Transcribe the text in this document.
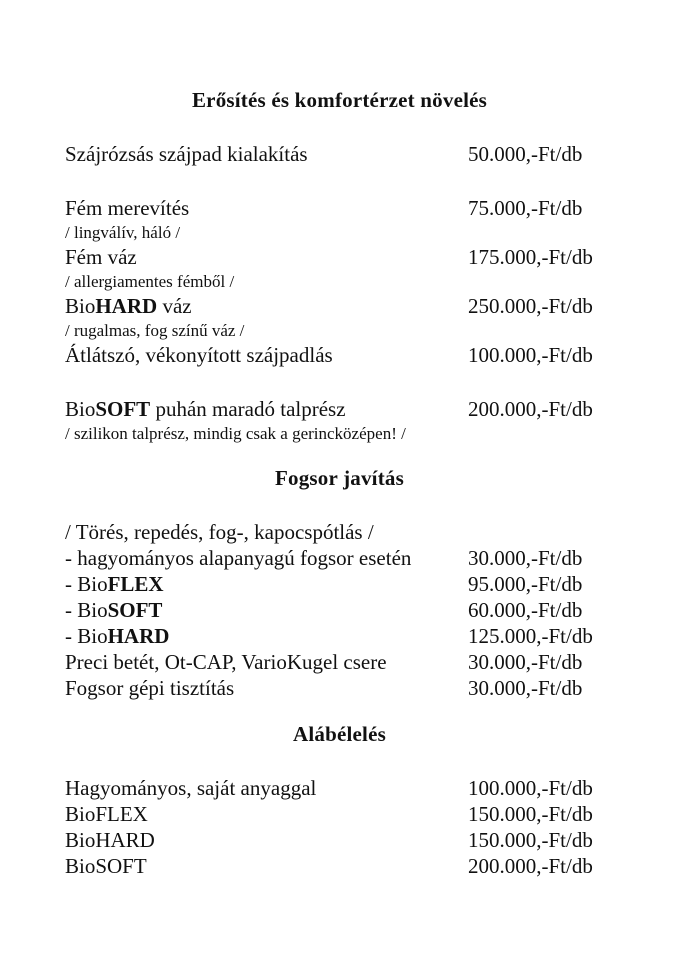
Erősítés és komfortérzet növelés
Szájrózsás szájpad kialakítás	50.000,-Ft/db
Fém merevítés	75.000,-Ft/db
/ lingválív, háló /
Fém váz	175.000,-Ft/db
/ allergiamentes fémből /
BioHARD váz	250.000,-Ft/db
/ rugalmas, fog színű váz /
Átlátszó, vékonyított szájpadlás	100.000,-Ft/db
BioSOFT puhán maradó talprész	200.000,-Ft/db
/ szilikon talprész, mindig csak a gerincközépen! /
Fogsor javítás
/ Törés, repedés, fog-, kapocspótlás /
- hagyományos alapanyagú fogsor esetén	30.000,-Ft/db
- BioFLEX	95.000,-Ft/db
- BioSOFT	60.000,-Ft/db
- BioHARD	125.000,-Ft/db
Preci betét, Ot-CAP, VarioKugel csere	30.000,-Ft/db
Fogsor gépi tisztítás	30.000,-Ft/db
Alábélelés
Hagyományos, saját anyaggal	100.000,-Ft/db
BioFLEX	150.000,-Ft/db
BioHARD	150.000,-Ft/db
BioSOFT	200.000,-Ft/db
